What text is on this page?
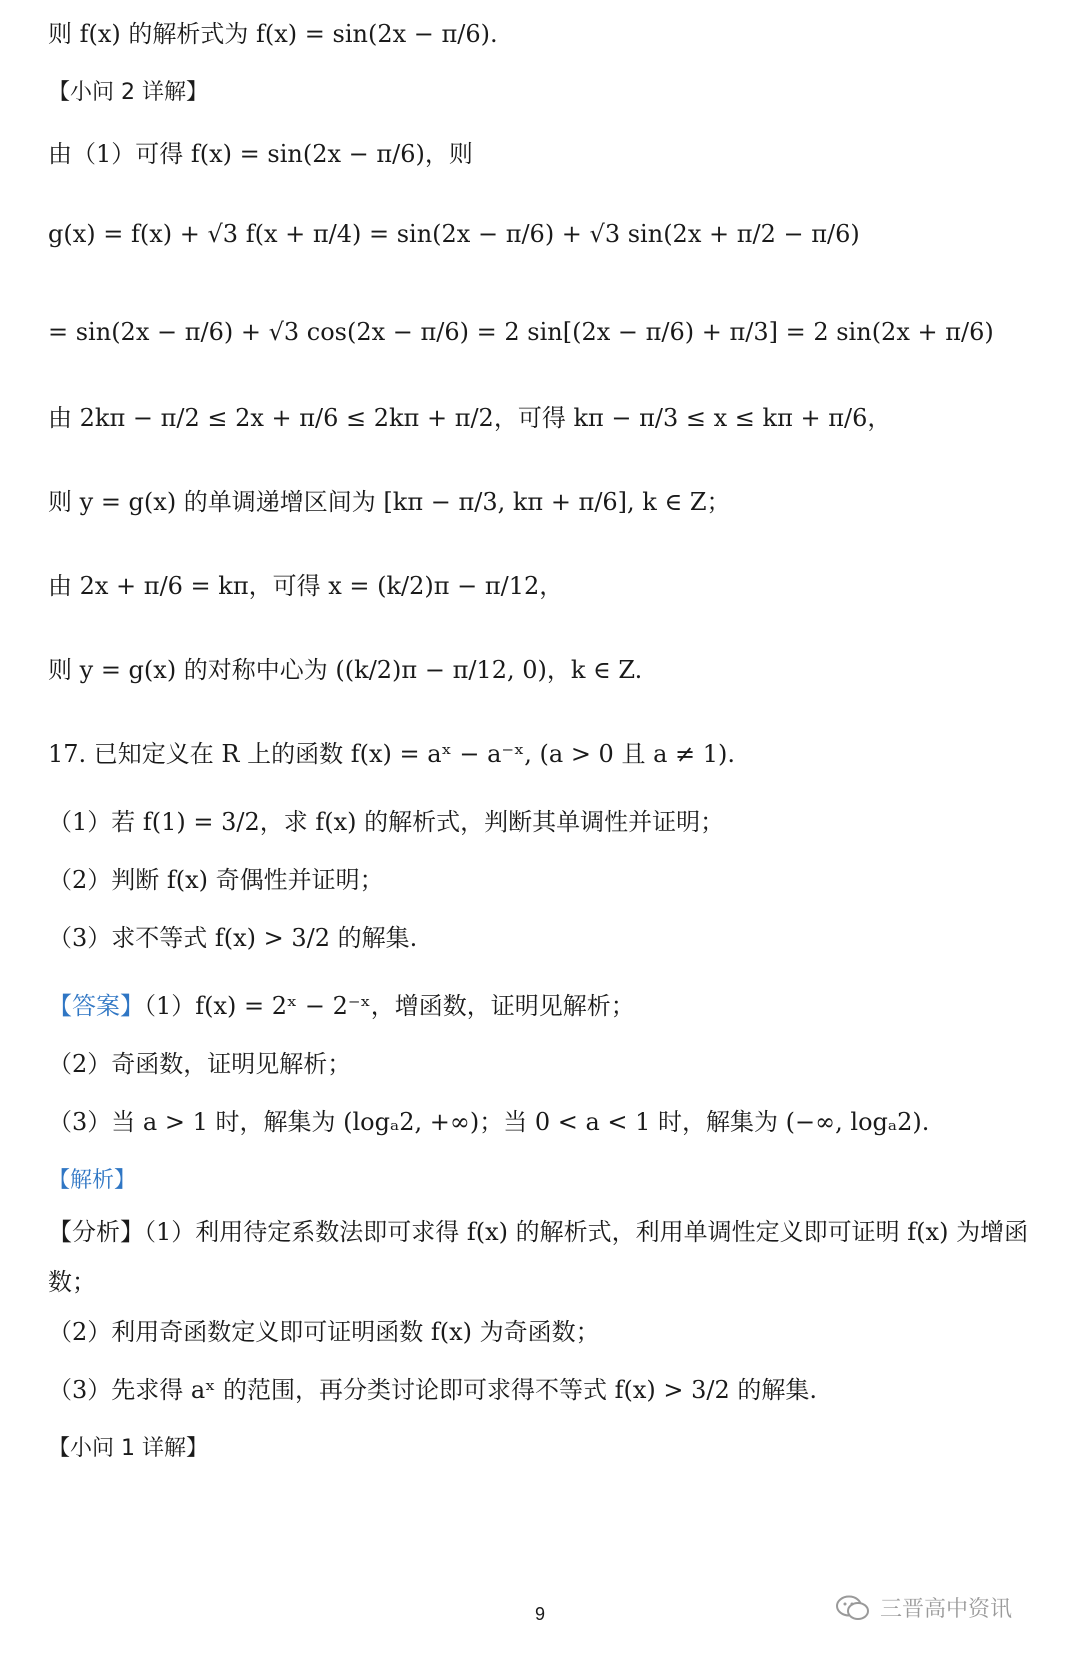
则 f(x) 的解析式为 f(x) = sin(2x − π/6).
【小问 2 详解】
由（1）可得 f(x) = sin(2x − π/6)，则
g(x) = f(x) + √3 f(x + π/4) = sin(2x − π/6) + √3 sin(2x + π/2 − π/6)
= sin(2x − π/6) + √3 cos(2x − π/6) = 2 sin[(2x − π/6) + π/3] = 2 sin(2x + π/6)
由 2kπ − π/2 ≤ 2x + π/6 ≤ 2kπ + π/2，可得 kπ − π/3 ≤ x ≤ kπ + π/6，
则 y = g(x) 的单调递增区间为 [kπ − π/3, kπ + π/6], k ∈ Z；
由 2x + π/6 = kπ，可得 x = (k/2)π − π/12，
则 y = g(x) 的对称中心为 ((k/2)π − π/12, 0)，k ∈ Z.
17. 已知定义在 R 上的函数 f(x) = aˣ − a⁻ˣ, (a > 0 且 a ≠ 1).
（1）若 f(1) = 3/2，求 f(x) 的解析式，判断其单调性并证明；
（2）判断 f(x) 奇偶性并证明；
（3）求不等式 f(x) > 3/2 的解集.
【答案】（1）f(x) = 2ˣ − 2⁻ˣ，增函数，证明见解析；
（2）奇函数，证明见解析；
（3）当 a > 1 时，解集为 (logₐ2, +∞)；当 0 < a < 1 时，解集为 (−∞, logₐ2).
【解析】
【分析】（1）利用待定系数法即可求得 f(x) 的解析式，利用单调性定义即可证明 f(x) 为增函
数；
（2）利用奇函数定义即可证明函数 f(x) 为奇函数；
（3）先求得 aˣ 的范围，再分类讨论即可求得不等式 f(x) > 3/2 的解集.
【小问 1 详解】
9	三晋高中资讯
